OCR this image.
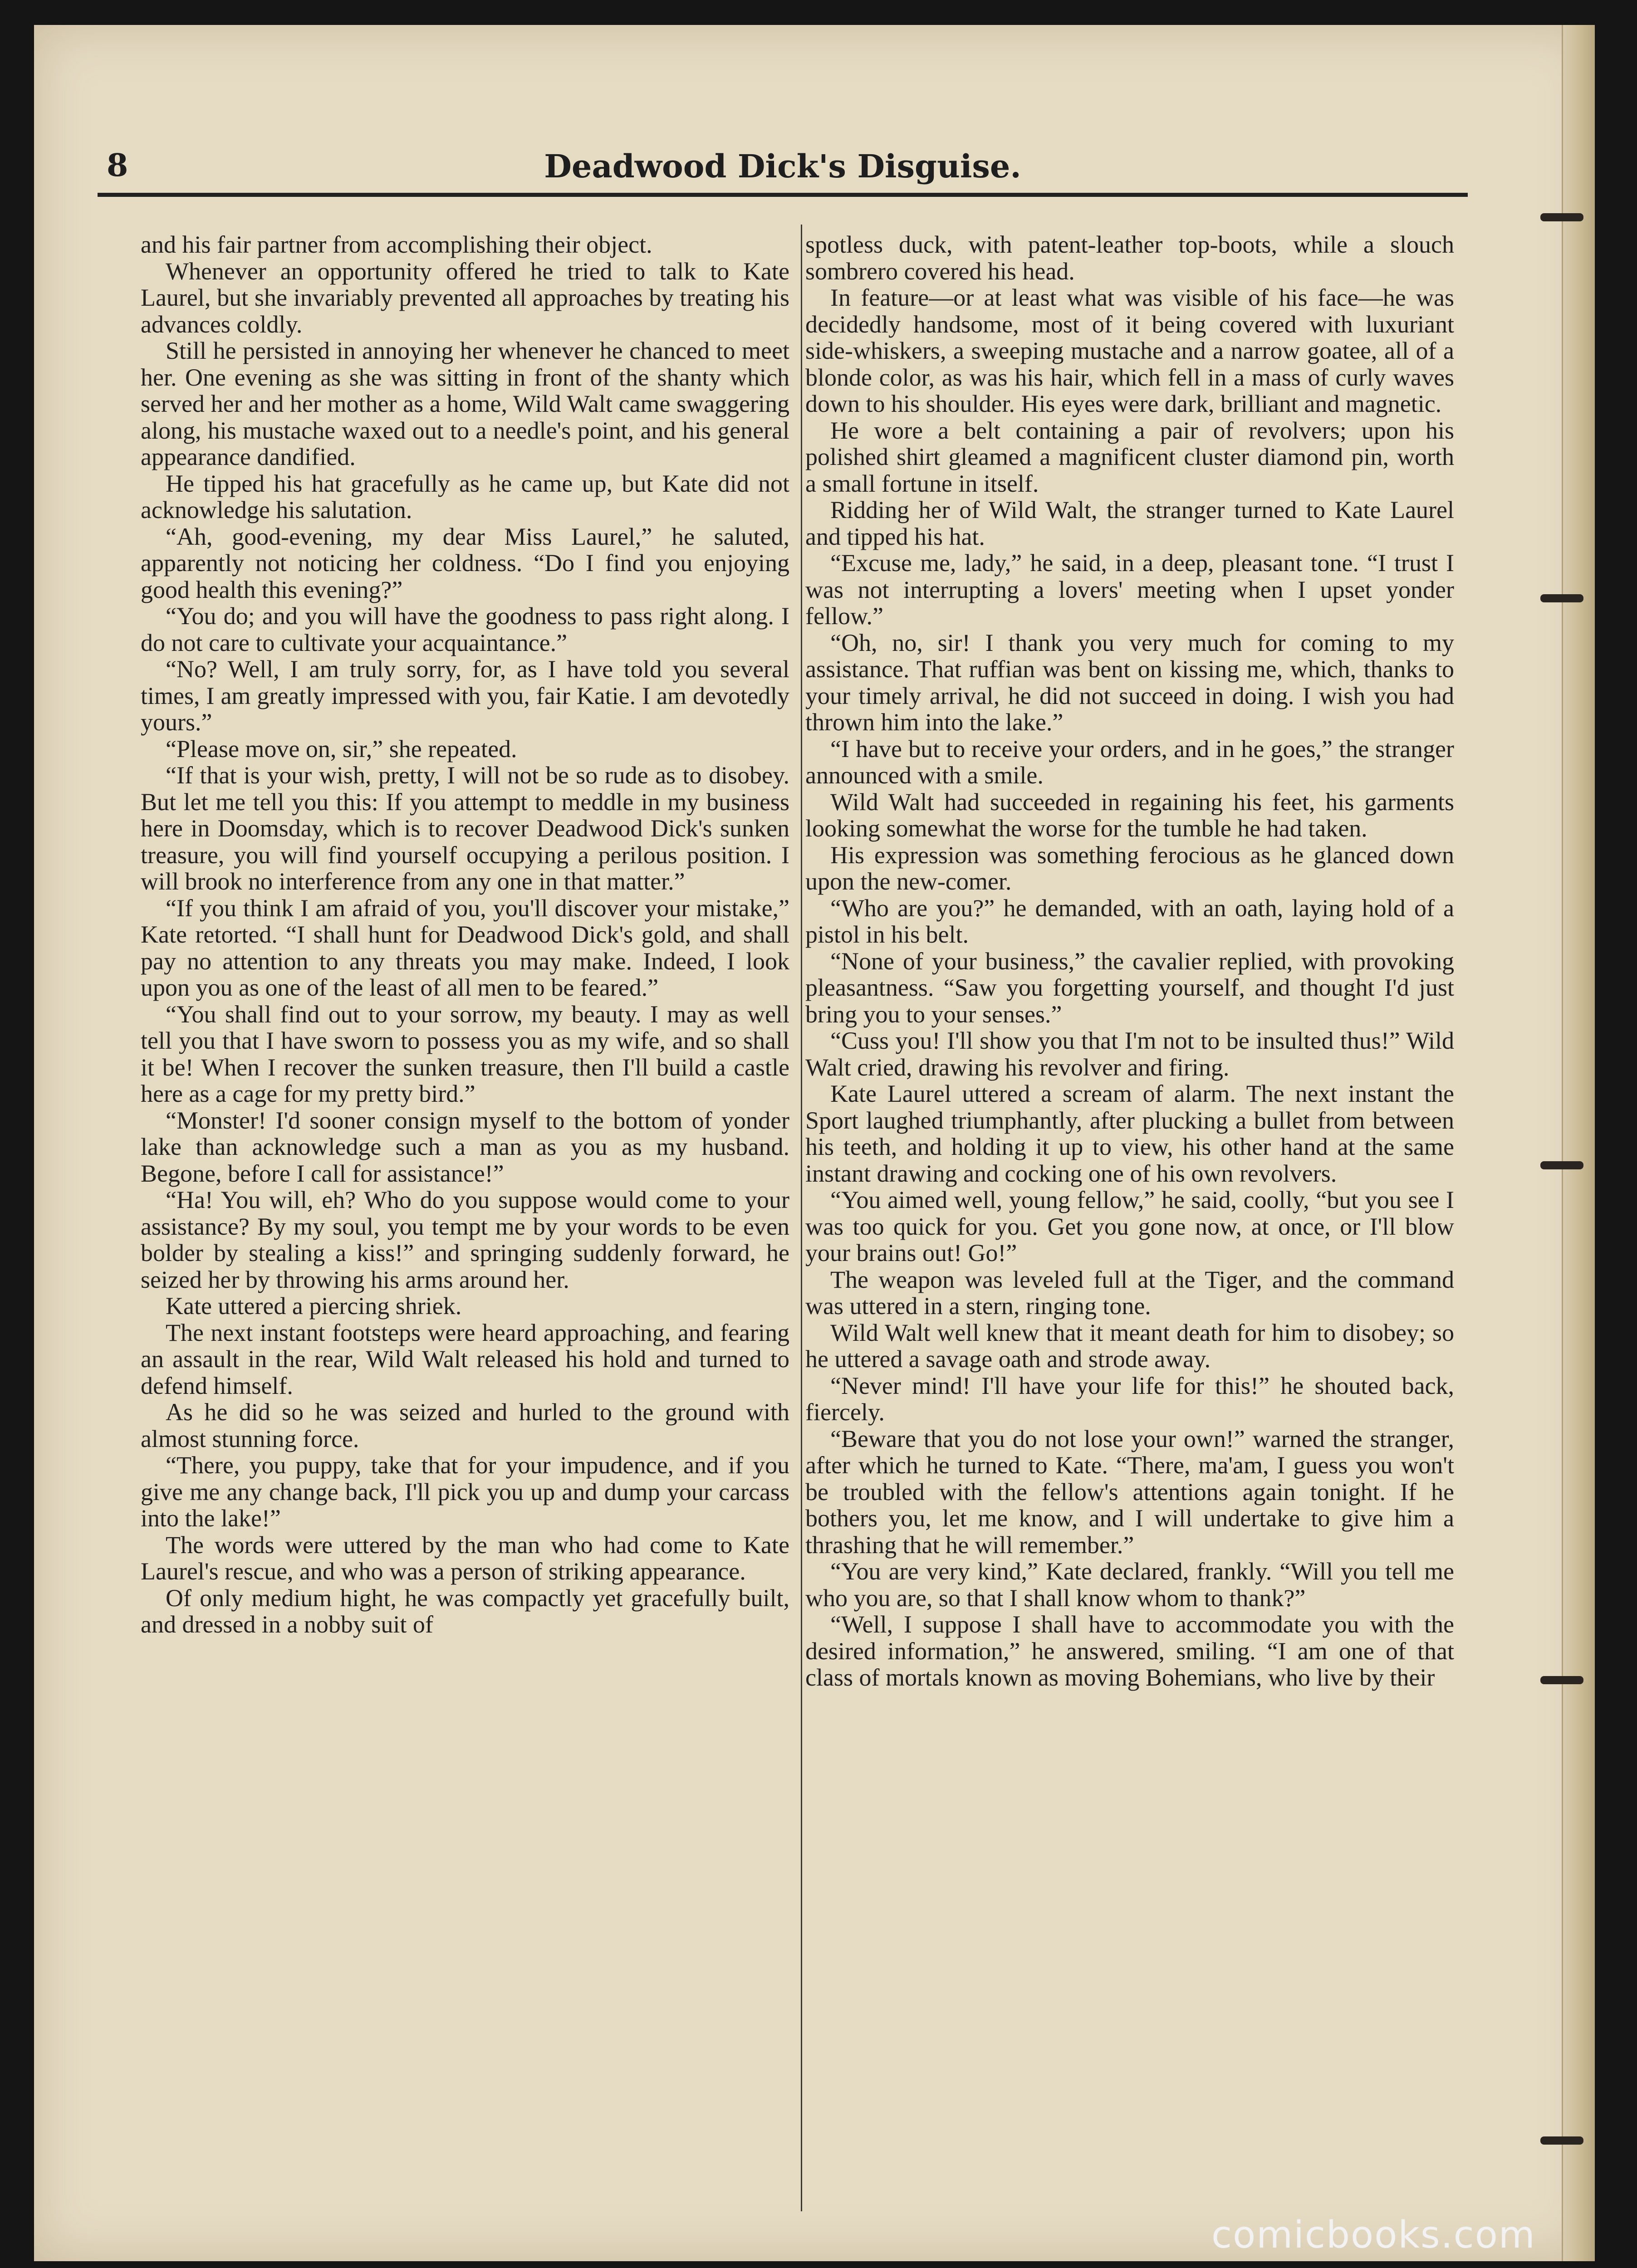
8	Deadwood Dick's Disguise.

and his fair partner from accomplishing their object.

Whenever an opportunity offered he tried to talk to Kate Laurel, but she invariably prevented all approaches by treating his advances coldly.

Still he persisted in annoying her whenever he chanced to meet her. One evening as she was sitting in front of the shanty which served her and her mother as a home, Wild Walt came swaggering along, his mustache waxed out to a needle's point, and his general appearance dandified.

He tipped his hat gracefully as he came up, but Kate did not acknowledge his salutation.

“Ah, good-evening, my dear Miss Laurel,” he saluted, apparently not noticing her coldness. “Do I find you enjoying good health this evening?”

“You do; and you will have the goodness to pass right along. I do not care to cultivate your acquaintance.”

“No? Well, I am truly sorry, for, as I have told you several times, I am greatly impressed with you, fair Katie. I am devotedly yours.”

“Please move on, sir,” she repeated.

“If that is your wish, pretty, I will not be so rude as to disobey. But let me tell you this: If you attempt to meddle in my business here in Doomsday, which is to recover Deadwood Dick's sunken treasure, you will find yourself occupying a perilous position. I will brook no interference from any one in that matter.”

“If you think I am afraid of you, you'll discover your mistake,” Kate retorted. “I shall hunt for Deadwood Dick's gold, and shall pay no attention to any threats you may make. Indeed, I look upon you as one of the least of all men to be feared.”

“You shall find out to your sorrow, my beauty. I may as well tell you that I have sworn to possess you as my wife, and so shall it be! When I recover the sunken treasure, then I'll build a castle here as a cage for my pretty bird.”

“Monster! I'd sooner consign myself to the bottom of yonder lake than acknowledge such a man as you as my husband. Begone, before I call for assistance!”

“Ha! You will, eh? Who do you suppose would come to your assistance? By my soul, you tempt me by your words to be even bolder by stealing a kiss!” and springing suddenly forward, he seized her by throwing his arms around her.

Kate uttered a piercing shriek.

The next instant footsteps were heard approaching, and fearing an assault in the rear, Wild Walt released his hold and turned to defend himself.

As he did so he was seized and hurled to the ground with almost stunning force.

“There, you puppy, take that for your impudence, and if you give me any change back, I'll pick you up and dump your carcass into the lake!”

The words were uttered by the man who had come to Kate Laurel's rescue, and who was a person of striking appearance.

Of only medium hight, he was compactly yet gracefully built, and dressed in a nobby suit of

spotless duck, with patent-leather top-boots, while a slouch sombrero covered his head.

In feature—or at least what was visible of his face—he was decidedly handsome, most of it being covered with luxuriant side-whiskers, a sweeping mustache and a narrow goatee, all of a blonde color, as was his hair, which fell in a mass of curly waves down to his shoulder. His eyes were dark, brilliant and magnetic.

He wore a belt containing a pair of revolvers; upon his polished shirt gleamed a magnificent cluster diamond pin, worth a small fortune in itself.

Ridding her of Wild Walt, the stranger turned to Kate Laurel and tipped his hat.

“Excuse me, lady,” he said, in a deep, pleasant tone. “I trust I was not interrupting a lovers' meeting when I upset yonder fellow.”

“Oh, no, sir! I thank you very much for coming to my assistance. That ruffian was bent on kissing me, which, thanks to your timely arrival, he did not succeed in doing. I wish you had thrown him into the lake.”

“I have but to receive your orders, and in he goes,” the stranger announced with a smile.

Wild Walt had succeeded in regaining his feet, his garments looking somewhat the worse for the tumble he had taken.

His expression was something ferocious as he glanced down upon the new-comer.

“Who are you?” he demanded, with an oath, laying hold of a pistol in his belt.

“None of your business,” the cavalier replied, with provoking pleasantness. “Saw you forgetting yourself, and thought I'd just bring you to your senses.”

“Cuss you! I'll show you that I'm not to be insulted thus!” Wild Walt cried, drawing his revolver and firing.

Kate Laurel uttered a scream of alarm. The next instant the Sport laughed triumphantly, after plucking a bullet from between his teeth, and holding it up to view, his other hand at the same instant drawing and cocking one of his own revolvers.

“You aimed well, young fellow,” he said, coolly, “but you see I was too quick for you. Get you gone now, at once, or I'll blow your brains out! Go!”

The weapon was leveled full at the Tiger, and the command was uttered in a stern, ringing tone.

Wild Walt well knew that it meant death for him to disobey; so he uttered a savage oath and strode away.

“Never mind! I'll have your life for this!” he shouted back, fiercely.

“Beware that you do not lose your own!” warned the stranger, after which he turned to Kate. “There, ma'am, I guess you won't be troubled with the fellow's attentions again tonight. If he bothers you, let me know, and I will undertake to give him a thrashing that he will remember.”

“You are very kind,” Kate declared, frankly. “Will you tell me who you are, so that I shall know whom to thank?”

“Well, I suppose I shall have to accommodate you with the desired information,” he answered, smiling. “I am one of that class of mortals known as moving Bohemians, who live by their

comicbooks.com
